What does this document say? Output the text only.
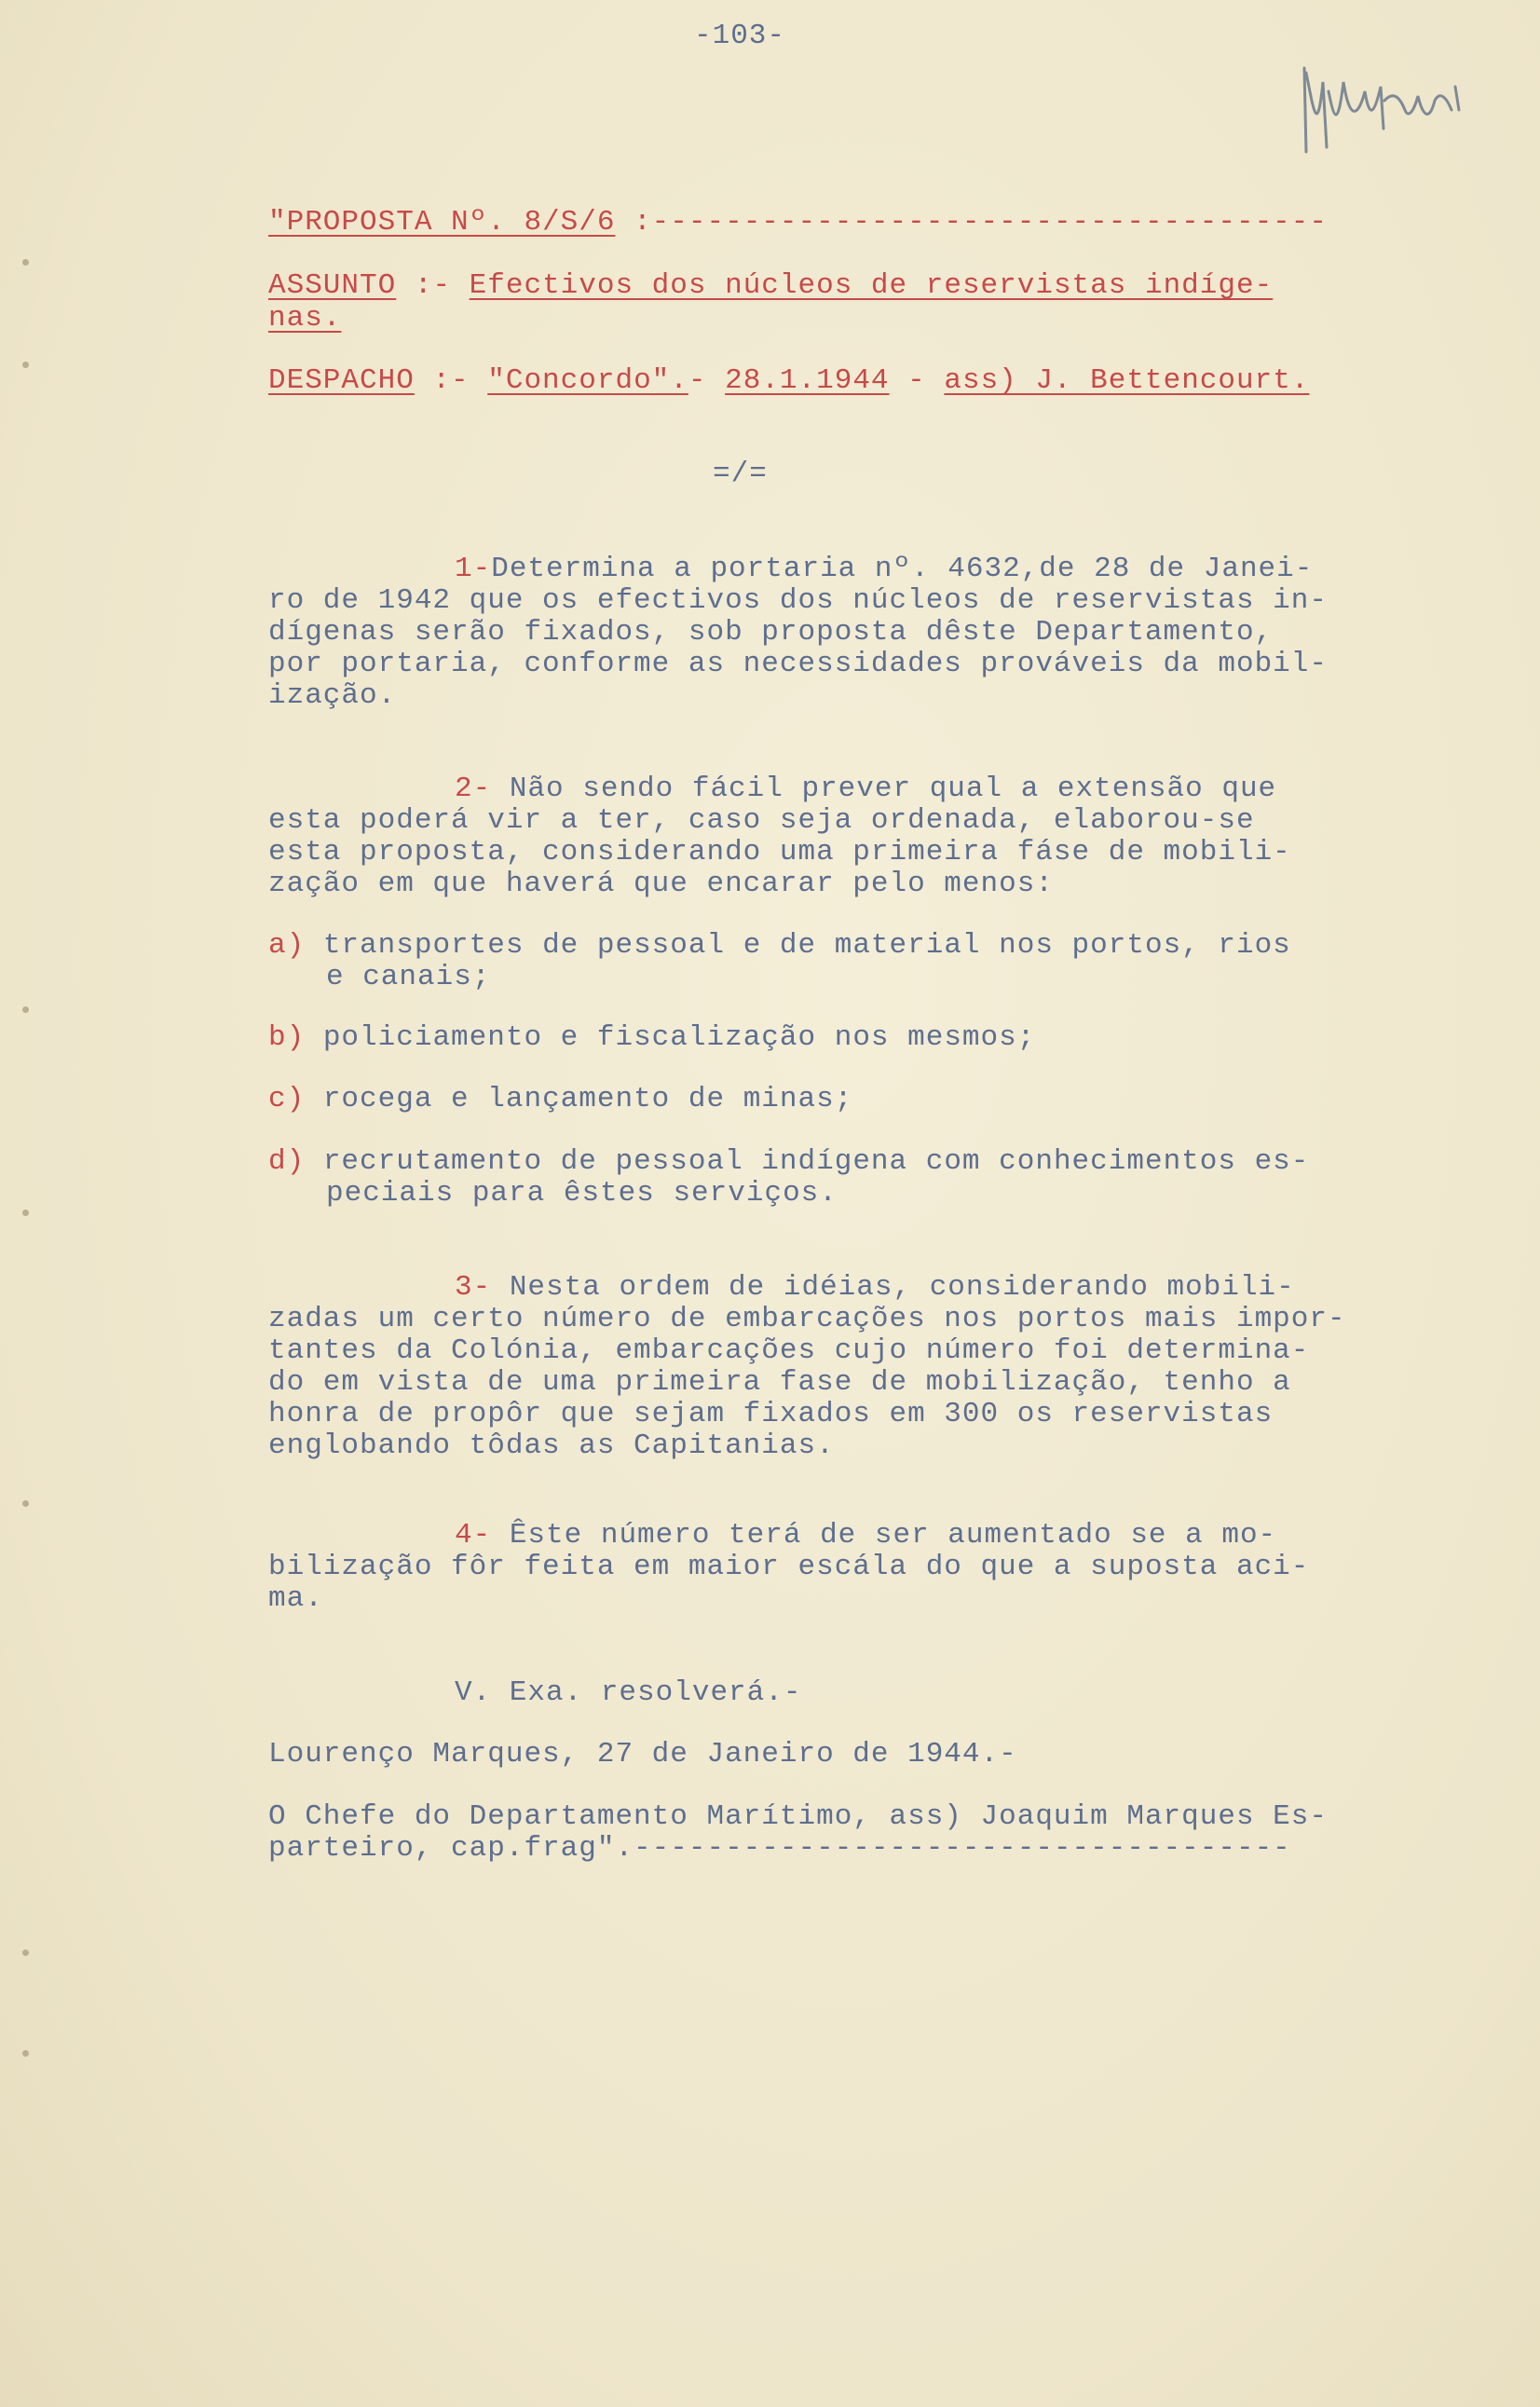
-103-
"PROPOSTA Nº. 8/S/6 :-------------------------------------
ASSUNTO :- Efectivos dos núcleos de reservistas indíge-
nas.
DESPACHO :- "Concordo".- 28.1.1944 - ass) J. Bettencourt.
=/=
1-Determina a portaria nº. 4632,de 28 de Janei-
ro de 1942 que os efectivos dos núcleos de reservistas in-
dígenas serão fixados, sob proposta dêste Departamento,
por portaria, conforme as necessidades prováveis da mobil-
ização.
2- Não sendo fácil prever qual a extensão que
esta poderá vir a ter, caso seja ordenada, elaborou-se
esta proposta, considerando uma primeira fáse de mobili-
zação em que haverá que encarar pelo menos:
a) transportes de pessoal e de material nos portos, rios
e canais;
b) policiamento e fiscalização nos mesmos;
c) rocega e lançamento de minas;
d) recrutamento de pessoal indígena com conhecimentos es-
peciais para êstes serviços.
3- Nesta ordem de idéias, considerando mobili-
zadas um certo número de embarcações nos portos mais impor-
tantes da Colónia, embarcações cujo número foi determina-
do em vista de uma primeira fase de mobilização, tenho a
honra de propôr que sejam fixados em 300 os reservistas
englobando tôdas as Capitanias.
4- Êste número terá de ser aumentado se a mo-
bilização fôr feita em maior escála do que a suposta aci-
ma.
V. Exa. resolverá.-
Lourenço Marques, 27 de Janeiro de 1944.-
O Chefe do Departamento Marítimo, ass) Joaquim Marques Es-
parteiro, cap.frag".------------------------------------
